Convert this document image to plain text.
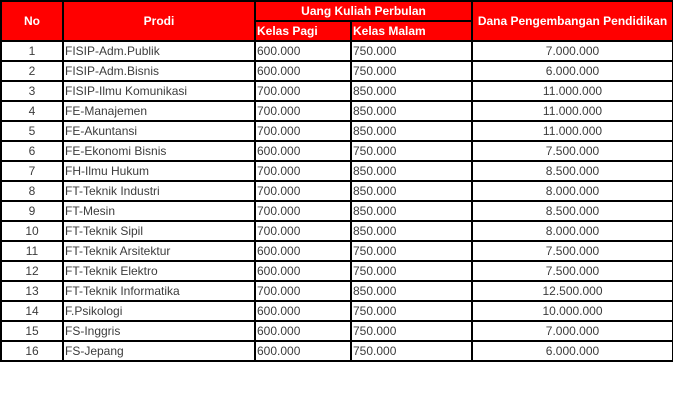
No	Prodi	Uang Kuliah Perbulan		Dana Pengembangan Pendidikan
		Kelas Pagi	Kelas Malam	
1	FISIP-Adm.Publik	600.000	750.000	7.000.000
2	FISIP-Adm.Bisnis	600.000	750.000	6.000.000
3	FISIP-Ilmu Komunikasi	700.000	850.000	11.000.000
4	FE-Manajemen	700.000	850.000	11.000.000
5	FE-Akuntansi	700.000	850.000	11.000.000
6	FE-Ekonomi Bisnis	600.000	750.000	7.500.000
7	FH-Ilmu Hukum	700.000	850.000	8.500.000
8	FT-Teknik Industri	700.000	850.000	8.000.000
9	FT-Mesin	700.000	850.000	8.500.000
10	FT-Teknik Sipil	700.000	850.000	8.000.000
11	FT-Teknik Arsitektur	600.000	750.000	7.500.000
12	FT-Teknik Elektro	600.000	750.000	7.500.000
13	FT-Teknik Informatika	700.000	850.000	12.500.000
14	F.Psikologi	600.000	750.000	10.000.000
15	FS-Inggris	600.000	750.000	7.000.000
16	FS-Jepang	600.000	750.000	6.000.000
